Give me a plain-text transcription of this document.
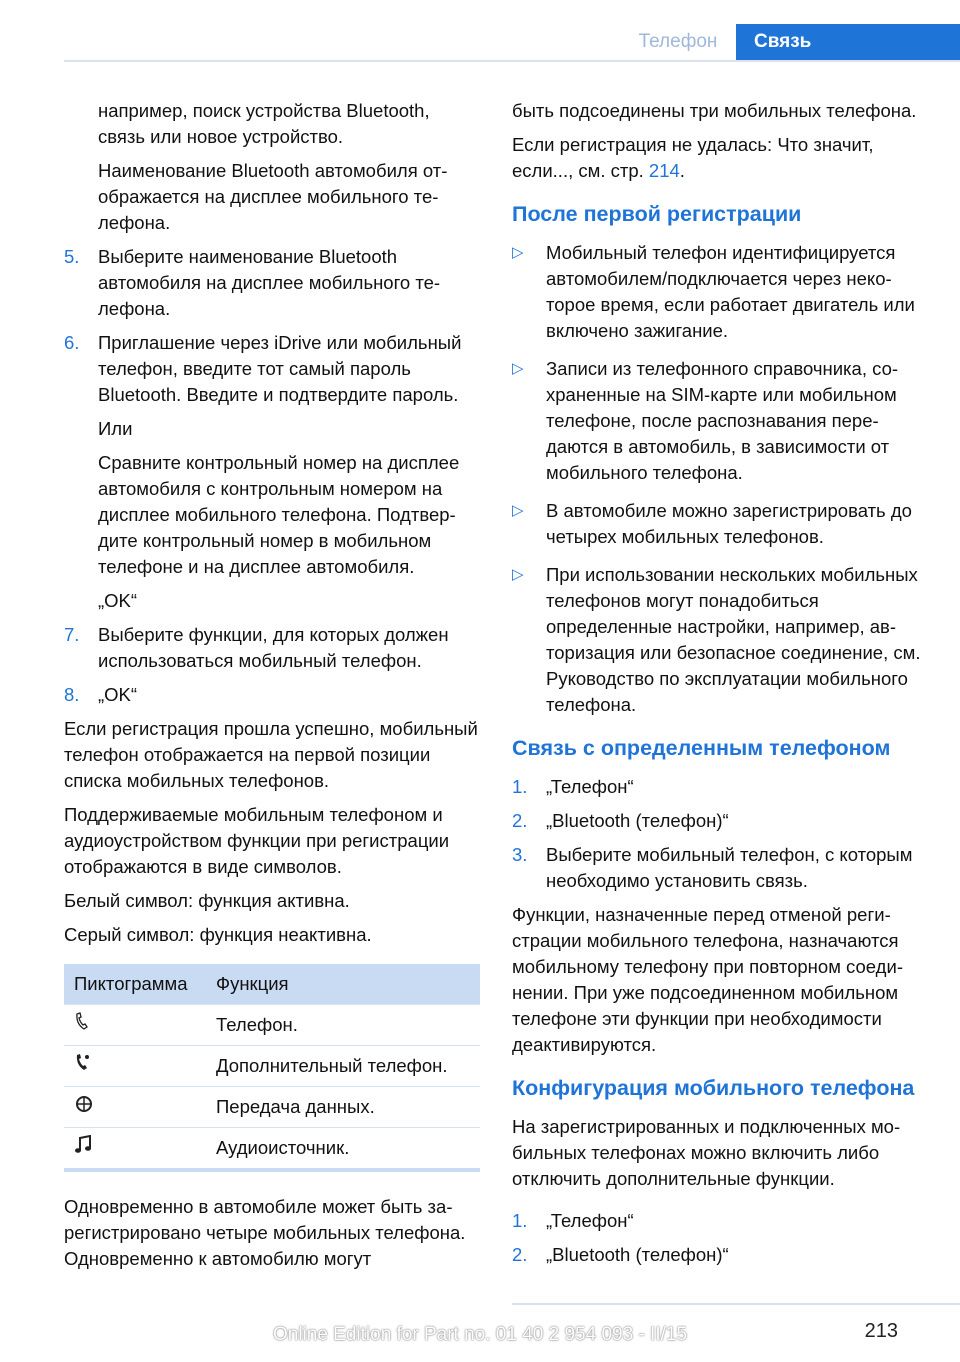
Телефон	Связь

например, поиск устройства Bluetooth, связь или новое устройство.

Наименование Bluetooth автомобиля отображается на дисплее мобильного телефона.

5.	Выберите наименование Bluetooth автомобиля на дисплее мобильного телефона.
6.	Приглашение через iDrive или мобильный телефон, введите тот самый пароль Bluetooth. Введите и подтвердите пароль.

Или

Сравните контрольный номер на дисплее автомобиля с контрольным номером на дисплее мобильного телефона. Подтвердите контрольный номер в мобильном телефоне и на дисплее автомобиля.

„OK“

7.	Выберите функции, для которых должен использоваться мобильный телефон.
8.	„OK“

Если регистрация прошла успешно, мобильный телефон отображается на первой позиции списка мобильных телефонов.

Поддерживаемые мобильным телефоном и аудиоустройством функции при регистрации отображаются в виде символов.

Белый символ: функция активна.

Серый символ: функция неактивна.

Пиктограмма	Функция
	Телефон.
	Дополнительный телефон.
	Передача данных.
	Аудиоисточник.

Одновременно в автомобиле может быть зарегистрировано четыре мобильных телефона. Одновременно к автомобилю могут

быть подсоединены три мобильных телефона.

Если регистрация не удалась: Что значит, если..., см. стр. 214.

После первой регистрации
▷	Мобильный телефон идентифицируется автомобилем/подключается через некоторое время, если работает двигатель или включено зажигание.
▷	Записи из телефонного справочника, сохраненные на SIM-карте или мобильном телефоне, после распознавания передаются в автомобиль, в зависимости от мобильного телефона.
▷	В автомобиле можно зарегистрировать до четырех мобильных телефонов.
▷	При использовании нескольких мобильных телефонов могут понадобиться определенные настройки, например, авторизация или безопасное соединение, см. Руководство по эксплуатации мобильного телефона.
Связь с определенным телефоном
1.	„Телефон“
2.	„Bluetooth (телефон)“
3.	Выберите мобильный телефон, с которым необходимо установить связь.

Функции, назначенные перед отменой регистрации мобильного телефона, назначаются мобильному телефону при повторном соединении. При уже подсоединенном мобильном телефоне эти функции при необходимости деактивируются.

Конфигурация мобильного телефона

На зарегистрированных и подключенных мобильных телефонах можно включить либо отключить дополнительные функции.

1.	„Телефон“
2.	„Bluetooth (телефон)“
213
Online Edition for Part no. 01 40 2 954 093 - II/15
